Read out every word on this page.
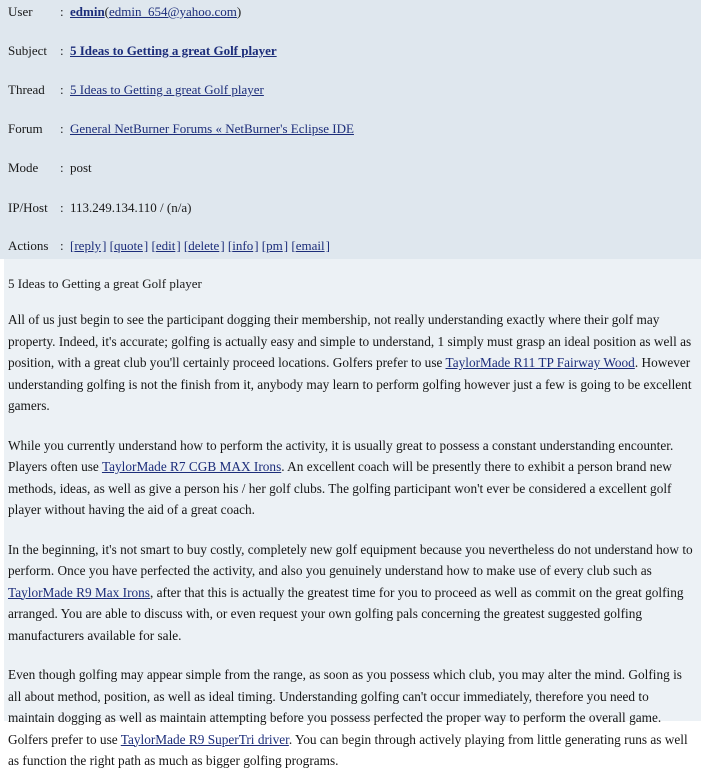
User : edmin(edmin_654@yahoo.com)
Subject : 5 Ideas to Getting a great Golf player
Thread : 5 Ideas to Getting a great Golf player
Forum : General NetBurner Forums « NetBurner's Eclipse IDE
Mode : post
IP/Host : 113.249.134.110 / (n/a)
Actions : [reply] [quote] [edit] [delete] [info] [pm] [email]
5 Ideas to Getting a great Golf player

All of us just begin to see the participant dogging their membership, not really understanding exactly where their golf may property. Indeed, it's accurate; golfing is actually easy and simple to understand, 1 simply must grasp an ideal position as well as position, with a great club you'll certainly proceed locations. Golfers prefer to use TaylorMade R11 TP Fairway Wood. However understanding golfing is not the finish from it, anybody may learn to perform golfing however just a few is going to be excellent gamers.

While you currently understand how to perform the activity, it is usually great to possess a constant understanding encounter. Players often use TaylorMade R7 CGB MAX Irons. An excellent coach will be presently there to exhibit a person brand new methods, ideas, as well as give a person his / her golf clubs. The golfing participant won't ever be considered a excellent golf player without having the aid of a great coach.

In the beginning, it's not smart to buy costly, completely new golf equipment because you nevertheless do not understand how to perform. Once you have perfected the activity, and also you genuinely understand how to make use of every club such as TaylorMade R9 Max Irons, after that this is actually the greatest time for you to proceed as well as commit on the great golfing arranged. You are able to discuss with, or even request your own golfing pals concerning the greatest suggested golfing manufacturers available for sale.

Even though golfing may appear simple from the range, as soon as you possess which club, you may alter the mind. Golfing is all about method, position, as well as ideal timing. Understanding golfing can't occur immediately, therefore you need to maintain dogging as well as maintain attempting before you possess perfected the proper way to perform the overall game. Golfers prefer to use TaylorMade R9 SuperTri driver. You can begin through actively playing from little generating runs as well as function the right path as much as bigger golfing programs.
